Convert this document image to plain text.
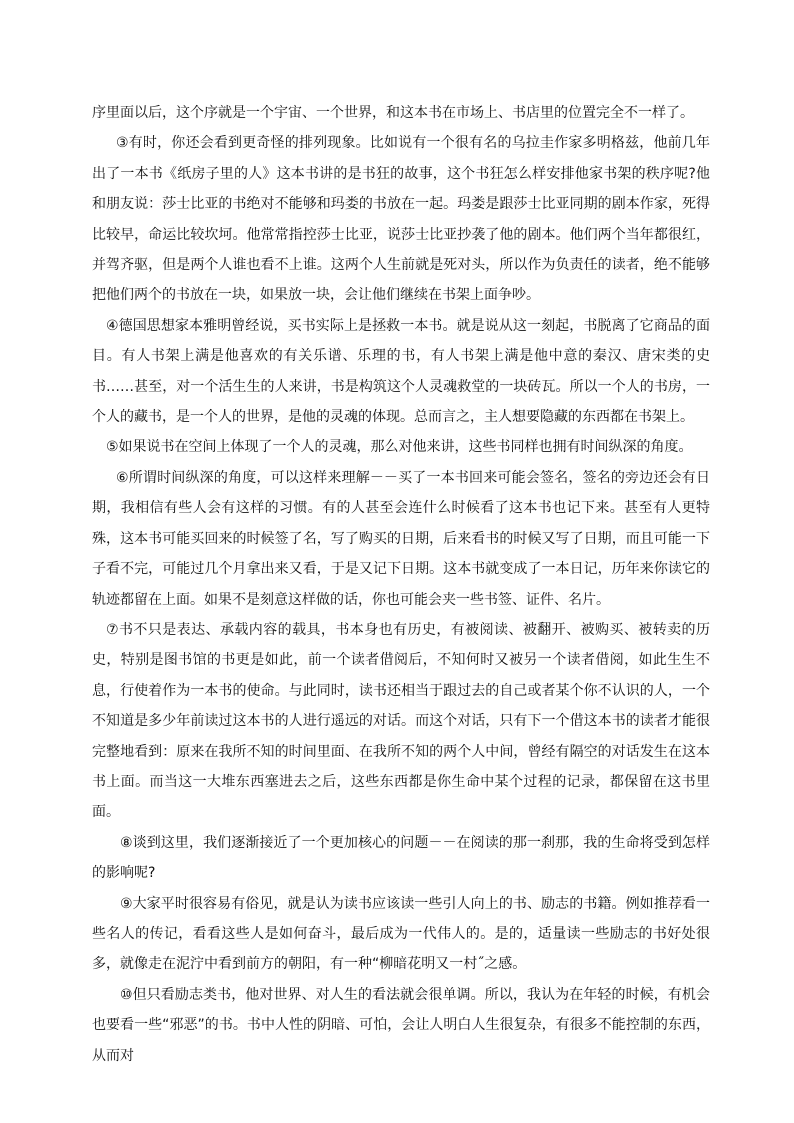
序里面以后，这个序就是一个宇宙、一个世界，和这本书在市场上、书店里的位置完全不一样了。

③有时，你还会看到更奇怪的排列现象。比如说有一个很有名的乌拉圭作家多明格兹，他前几年出了一本书《纸房子里的人》这本书讲的是书狂的故事，这个书狂怎么样安排他家书架的秩序呢?他和朋友说：莎士比亚的书绝对不能够和玛娄的书放在一起。玛娄是跟莎士比亚同期的剧本作家，死得比较早，命运比较坎坷。他常常指控莎士比亚，说莎士比亚抄袭了他的剧本。他们两个当年都很红，并驾齐驱，但是两个人谁也看不上谁。这两个人生前就是死对头，所以作为负责任的读者，绝不能够把他们两个的书放在一块，如果放一块，会让他们继续在书架上面争吵。

④德国思想家本雅明曾经说，买书实际上是拯救一本书。就是说从这一刻起，书脱离了它商品的面目。有人书架上满是他喜欢的有关乐谱、乐理的书，有人书架上满是他中意的秦汉、唐宋类的史书……甚至，对一个活生生的人来讲，书是构筑这个人灵魂救堂的一块砖瓦。所以一个人的书房，一个人的藏书，是一个人的世界，是他的灵魂的体现。总而言之，主人想要隐藏的东西都在书架上。

⑤如果说书在空间上体现了一个人的灵魂，那么对他来讲，这些书同样也拥有时间纵深的角度。

⑥所谓时间纵深的角度，可以这样来理解－－买了一本书回来可能会签名，签名的旁边还会有日期，我相信有些人会有这样的习惯。有的人甚至会连什么时候看了这本书也记下来。甚至有人更特殊，这本书可能买回来的时候签了名，写了购买的日期，后来看书的时候又写了日期，而且可能一下子看不完，可能过几个月拿出来又看，于是又记下日期。这本书就变成了一本日记，历年来你读它的轨迹都留在上面。如果不是刻意这样做的话，你也可能会夹一些书签、证件、名片。

⑦书不只是表达、承载内容的载具，书本身也有历史，有被阅读、被翻开、被购买、被转卖的历史，特别是图书馆的书更是如此，前一个读者借阅后，不知何时又被另一个读者借阅，如此生生不息，行使着作为一本书的使命。与此同时，读书还相当于跟过去的自己或者某个你不认识的人，一个不知道是多少年前读过这本书的人进行遥远的对话。而这个对话，只有下一个借这本书的读者才能很完整地看到：原来在我所不知的时间里面、在我所不知的两个人中间，曾经有隔空的对话发生在这本书上面。而当这一大堆东西塞进去之后，这些东西都是你生命中某个过程的记录，都保留在这书里面。

⑧谈到这里，我们逐渐接近了一个更加核心的问题－－在阅读的那一刹那，我的生命将受到怎样的影响呢?

⑨大家平时很容易有俗见，就是认为读书应该读一些引人向上的书、励志的书籍。例如推荐看一些名人的传记，看看这些人是如何奋斗，最后成为一代伟人的。是的，适量读一些励志的书好处很多，就像走在泥泞中看到前方的朝阳，有一种“柳暗花明又一村˝之感。

⑩但只看励志类书，他对世界、对人生的看法就会很单调。所以，我认为在年轻的时候，有机会也要看一些“邪恶”的书。书中人性的阴暗、可怕，会让人明白人生很复杂，有很多不能控制的东西，从而对
